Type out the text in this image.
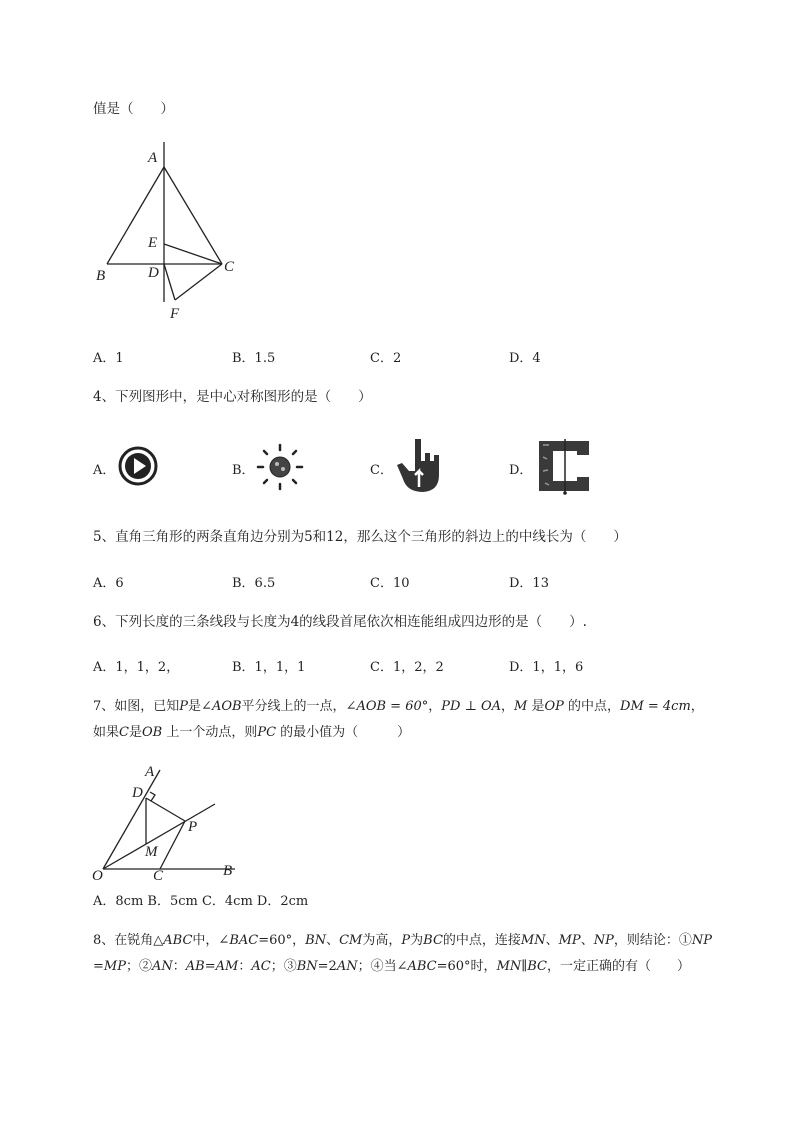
值是（　　）
A
E
D
B
C
F
A．1	B．1.5	C．2	D．4
4、下列图形中，是中心对称图形的是（　　）
A．	B．	C．	D．
5、直角三角形的两条直角边分别为5和12，那么这个三角形的斜边上的中线长为（　　）
A．6	B．6.5	C．10	D．13
6、下列长度的三条线段与长度为4的线段首尾依次相连能组成四边形的是（　　）.
A．1，1，2，	B．1，1，1	C．1，2，2	D．1，1，6
7、如图，已知P是∠AOB平分线上的一点，∠AOB = 60°，PD ⊥ OA，M 是OP 的中点，DM = 4cm，
如果C是OB 上一个动点，则PC 的最小值为（　　　）
A
D
P
M
O	C	B
A．8cm B．5cm C．4cm D．2cm
8、在锐角△ABC中，∠BAC=60°，BN、CM为高，P为BC的中点，连接MN、MP、NP，则结论：①NP
=MP；②AN：AB=AM：AC；③BN=2AN；④当∠ABC=60°时，MN∥BC，一定正确的有（　　）
